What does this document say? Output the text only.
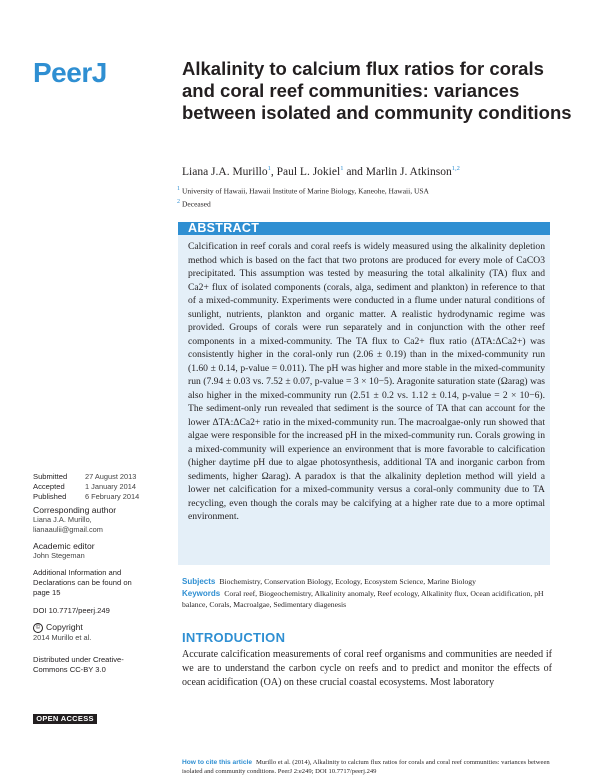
PeerJ	Alkalinity to calcium flux ratios for corals and coral reef communities: variances between isolated and community conditions
Liana J.A. Murillo$^1$, Paul L. Jokiel$^1$ and Marlin J. Atkinson$^{1,2}$
$^1$ University of Hawaii, Hawaii Institute of Marine Biology, Kaneohe, Hawaii, USA
$^2$ Deceased
ABSTRACT

Calcification in reef corals and coral reefs is widely measured using the alkalinity depletion method which is based on the fact that two protons are produced for every mole of CaCO3 precipitated. This assumption was tested by measuring the total alkalinity (TA) flux and Ca2+ flux of isolated components (corals, alga, sediment and plankton) in reference to that of a mixed-community. Experiments were conducted in a flume under natural conditions of sunlight, nutrients, plankton and organic matter. A realistic hydrodynamic regime was provided. Groups of corals were run separately and in conjunction with the other reef components in a mixed-community. The TA flux to Ca2+ flux ratio (ΔTA:ΔCa2+) was consistently higher in the coral-only run (2.06 ± 0.19) than in the mixed-community run (1.60 ± 0.14, p-value = 0.011). The pH was higher and more stable in the mixed-community run (7.94 ± 0.03 vs. 7.52 ± 0.07, p-value = 3 × 10−5). Aragonite saturation state (Ωarag) was also higher in the mixed-community run (2.51 ± 0.2 vs. 1.12 ± 0.14, p-value = 2 × 10−6). The sediment-only run revealed that sediment is the source of TA that can account for the lower ΔTA:ΔCa2+ ratio in the mixed-community run. The macroalgae-only run showed that algae were responsible for the increased pH in the mixed-community run. Corals growing in a mixed-community will experience an environment that is more favorable to calcification (higher daytime pH due to algae photosynthesis, additional TA and inorganic carbon from sediments, higher Ωarag). A paradox is that the alkalinity depletion method will yield a lower net calcification for a mixed-community versus a coral-only community due to TA recycling, even though the corals may be calcifying at a higher rate due to a more optimal environment.

Subjects Biochemistry, Conservation Biology, Ecology, Ecosystem Science, Marine Biology
Keywords Coral reef, Biogeochemistry, Alkalinity anomaly, Reef ecology, Alkalinity flux, Ocean acidification, pH balance, Corals, Macroalgae, Sedimentary diagenesis
INTRODUCTION

Accurate calcification measurements of coral reef organisms and communities are needed if we are to understand the carbon cycle on reefs and to predict and monitor the effects of ocean acidification (OA) on these crucial coastal ecosystems. Most laboratory

Submitted	27 August 2013
Accepted	1 January 2014
Published	6 February 2014
Corresponding author
Liana J.A. Murillo,
lianaaulii@gmail.com
Academic editor
John Stegeman
Additional Information and Declarations can be found on page 15
DOI 10.7717/peerj.249
© Copyright
2014 Murillo et al.
Distributed under Creative-Commons CC-BY 3.0
OPEN ACCESS
How to cite this article Murillo et al. (2014), Alkalinity to calcium flux ratios for corals and coral reef communities: variances between isolated and community conditions. PeerJ 2:e249; DOI 10.7717/peerj.249
